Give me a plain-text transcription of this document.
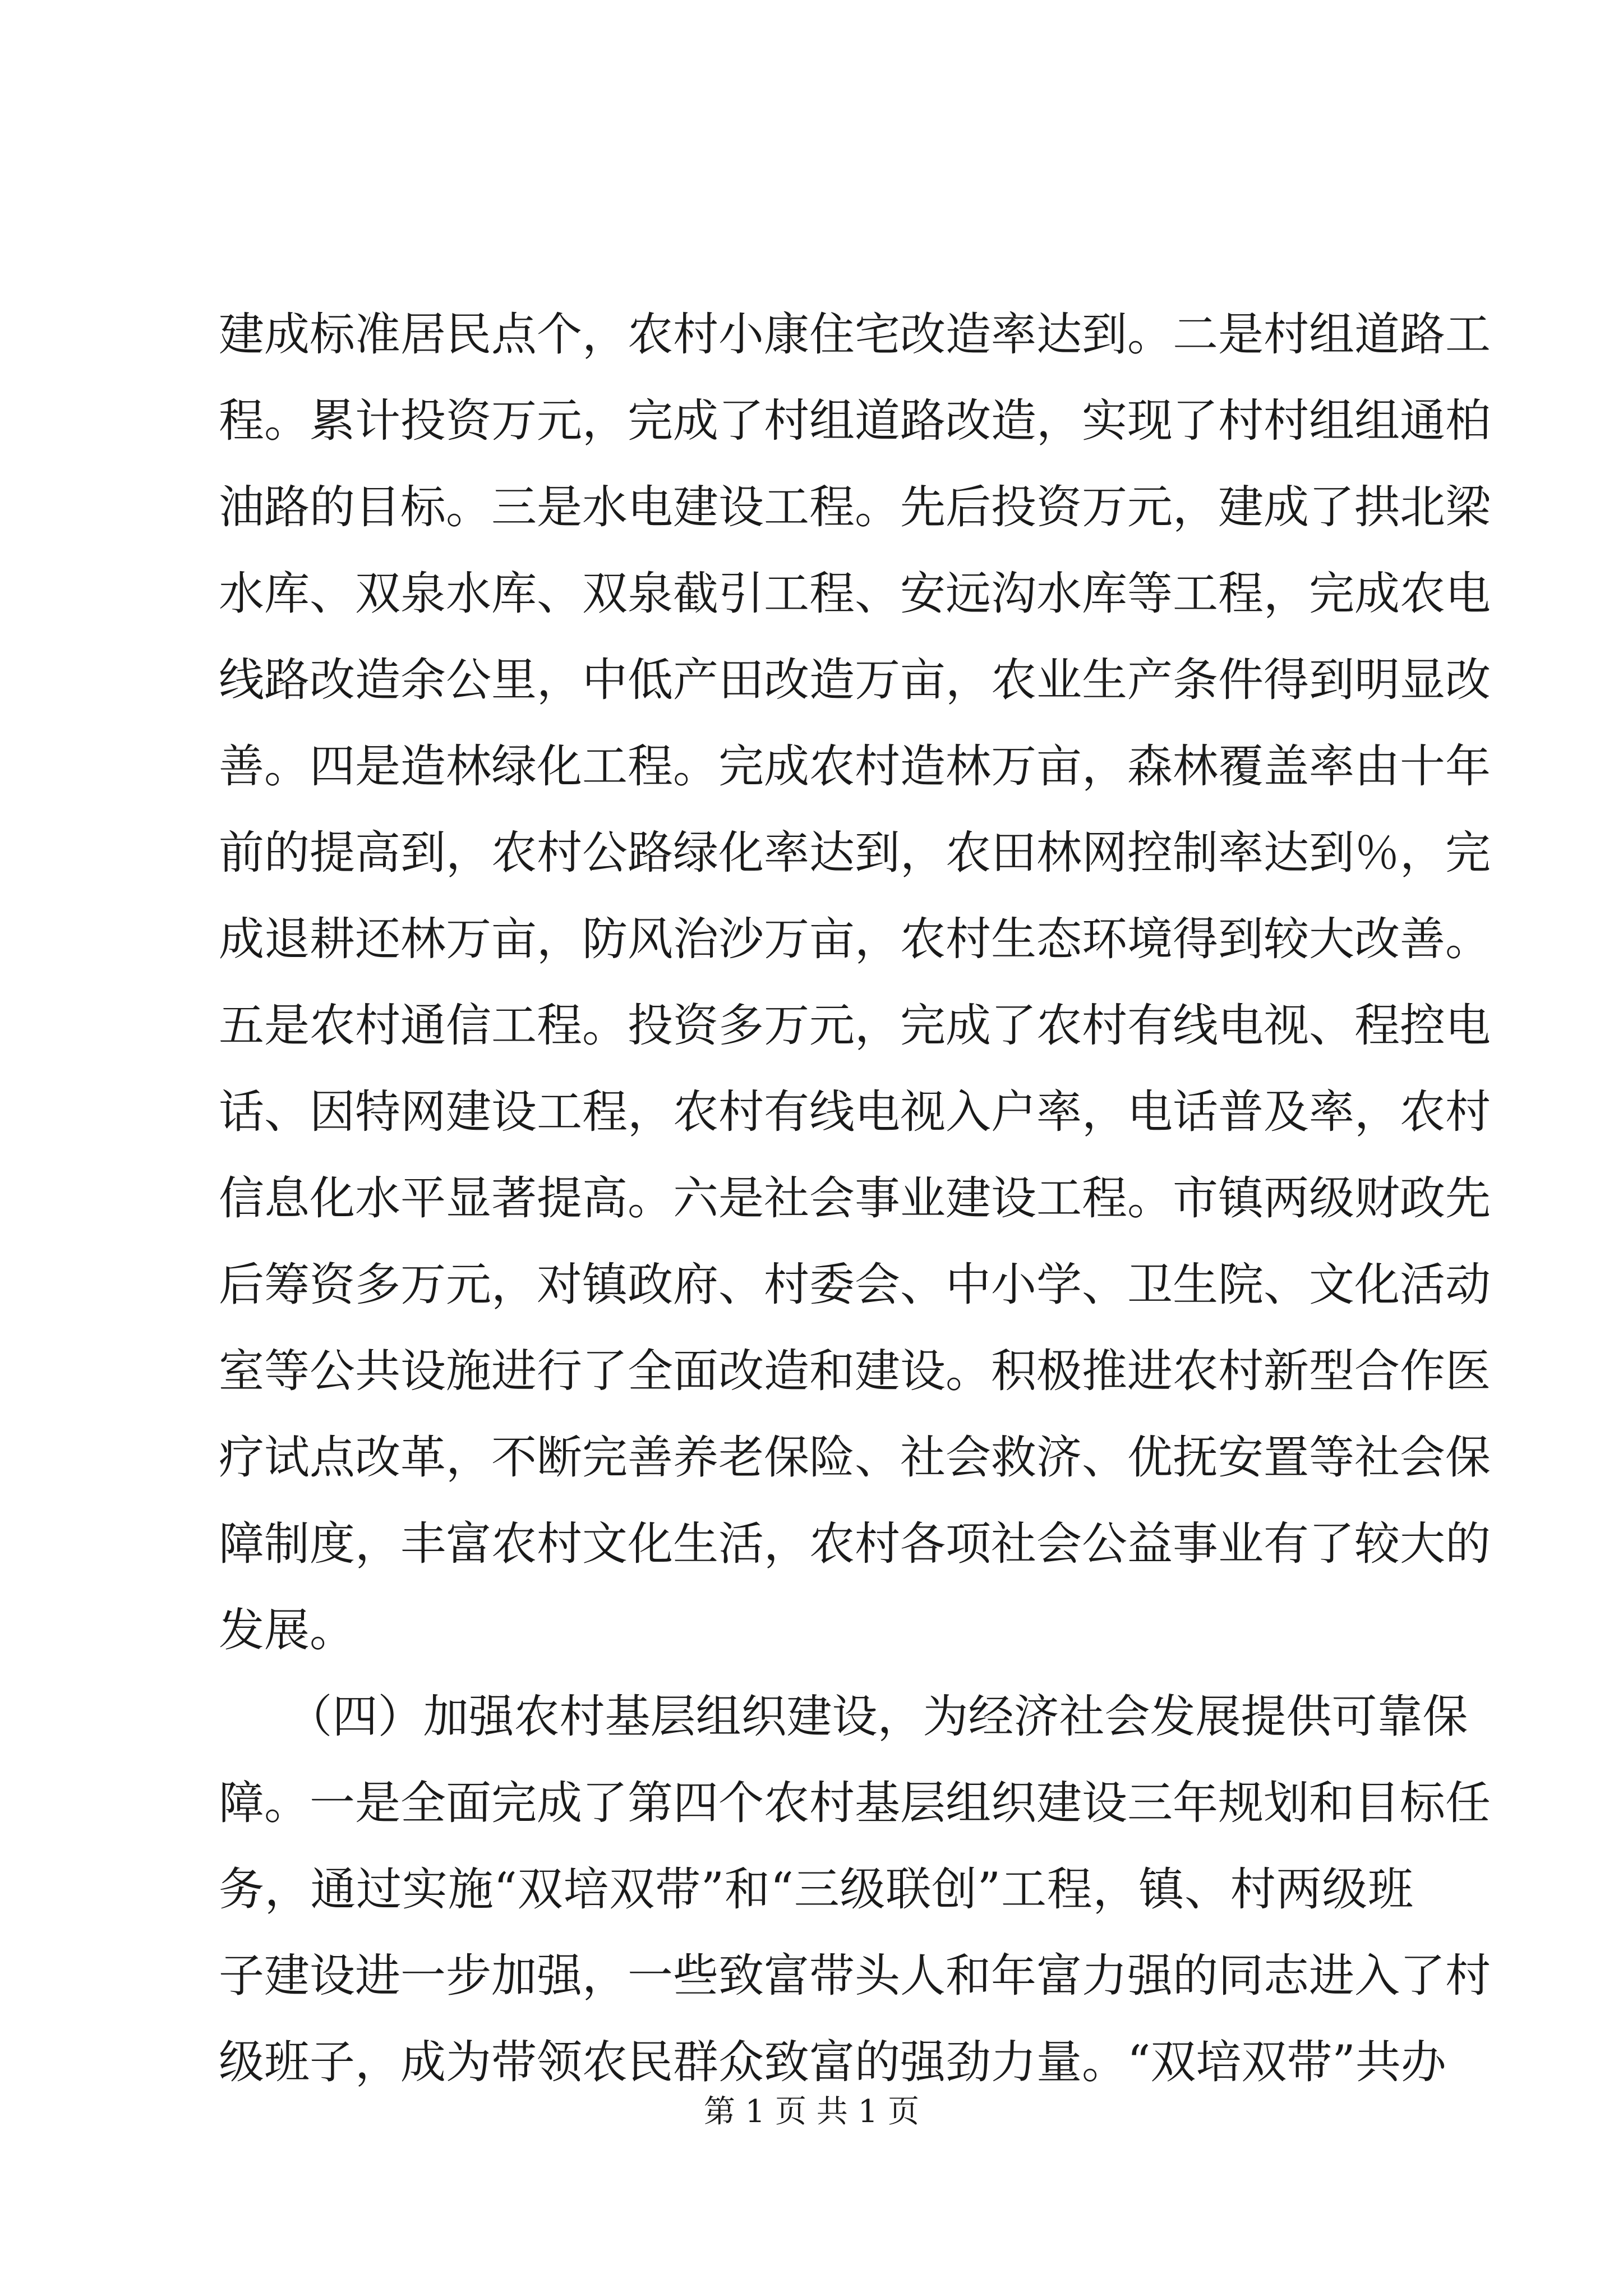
建成标准居民点个，农村小康住宅改造率达到。二是村组道路工
程。累计投资万元，完成了村组道路改造，实现了村村组组通柏
油路的目标。三是水电建设工程。先后投资万元，建成了拱北梁
水库、双泉水库、双泉截引工程、安远沟水库等工程，完成农电
线路改造余公里，中低产田改造万亩，农业生产条件得到明显改
善。四是造林绿化工程。完成农村造林万亩，森林覆盖率由十年
前的提高到，农村公路绿化率达到，农田林网控制率达到％，完
成退耕还林万亩，防风治沙万亩，农村生态环境得到较大改善。
五是农村通信工程。投资多万元，完成了农村有线电视、程控电
话、因特网建设工程，农村有线电视入户率，电话普及率，农村
信息化水平显著提高。六是社会事业建设工程。市镇两级财政先
后筹资多万元，对镇政府、村委会、中小学、卫生院、文化活动
室等公共设施进行了全面改造和建设。积极推进农村新型合作医
疗试点改革，不断完善养老保险、社会救济、优抚安置等社会保
障制度，丰富农村文化生活，农村各项社会公益事业有了较大的
发展。
　　（四）加强农村基层组织建设，为经济社会发展提供可靠保
障。一是全面完成了第四个农村基层组织建设三年规划和目标任
务，通过实施“双培双带”和“三级联创”工程，镇、村两级班
子建设进一步加强，一些致富带头人和年富力强的同志进入了村
级班子，成为带领农民群众致富的强劲力量。“双培双带”共办
第 1 页 共 1 页
